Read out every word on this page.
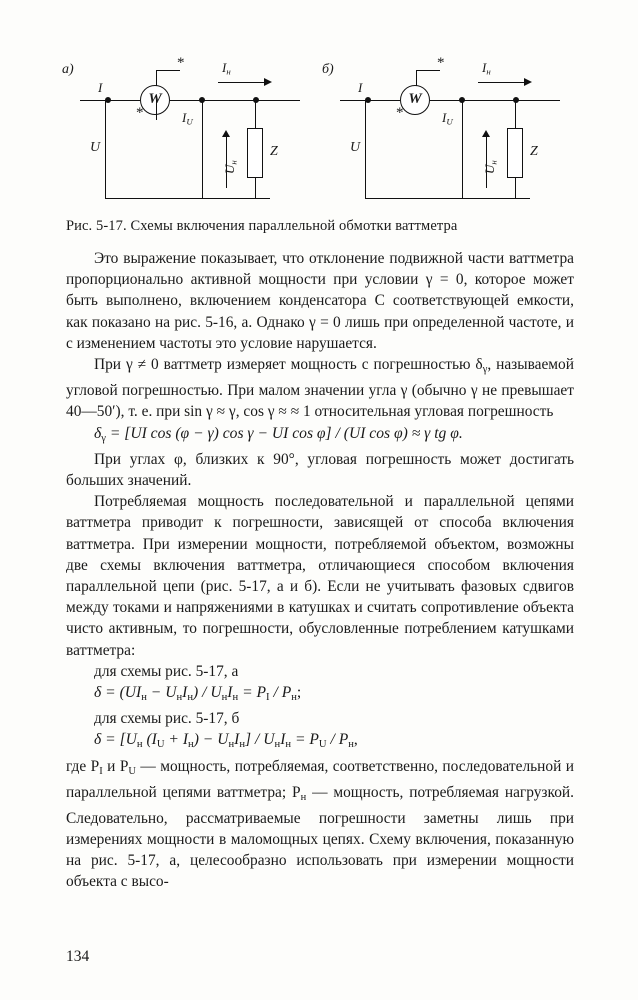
а)	*
I
W
*
$I_н$
$I_U$
U	Z
$U_н$
б)	*
I
W
*
$I_н$
$I_U$
U	Z
$U_н$
Рис. 5-17. Схемы включения параллельной обмотки ваттметра

Это выражение показывает, что отклонение подвижной части ваттметра пропорционально активной мощности при условии γ = 0, которое может быть выполнено, включением конденсатора C соответствующей емкости, как показано на рис. 5-16, а. Однако γ = 0 лишь при определенной частоте, и с изменением частоты это условие нарушается.

При γ ≠ 0 ваттметр измеряет мощность с погрешностью $\delta_\gamma$, называемой угловой погрешностью. При малом значении угла γ (обычно γ не превышает 40—50′), т. е. при sin γ ≈ γ, cos γ ≈ ≈ 1 относительная угловая погрешность

$\delta_\gamma = [UI$ cos (φ − γ) cos γ − UI cos φ] / (UI cos φ) ≈ γ tg φ.

При углах φ, близких к 90°, угловая погрешность может достигать больших значений.

Потребляемая мощность последовательной и параллельной цепями ваттметра приводит к погрешности, зависящей от способа включения ваттметра. При измерении мощности, потребляемой объектом, возможны две схемы включения ваттметра, отличающиеся способом включения параллельной цепи (рис. 5-17, а и б). Если не учитывать фазовых сдвигов между токами и напряжениями в катушках и считать сопротивление объекта чисто активным, то погрешности, обусловленные потреблением катушками ваттметра:

для схемы рис. 5-17, а

$\delta = (UI_н - U_нI_н) / U_нI_н = P_I / P_н$;

для схемы рис. 5-17, б

$\delta = [U_н$ $(I_U + I_н) - U_нI_н] / U_нI_н = P_U / P_н$,

где $P_I$ и $P_U$ — мощность, потребляемая, соответственно, последовательной и параллельной цепями ваттметра; $P_н$ — мощность, потребляемая нагрузкой. Следовательно, рассматриваемые погрешности заметны лишь при измерениях мощности в маломощных цепях. Схему включения, показанную на рис. 5-17, а, целесообразно использовать при измерении мощности объекта с высо-

134
